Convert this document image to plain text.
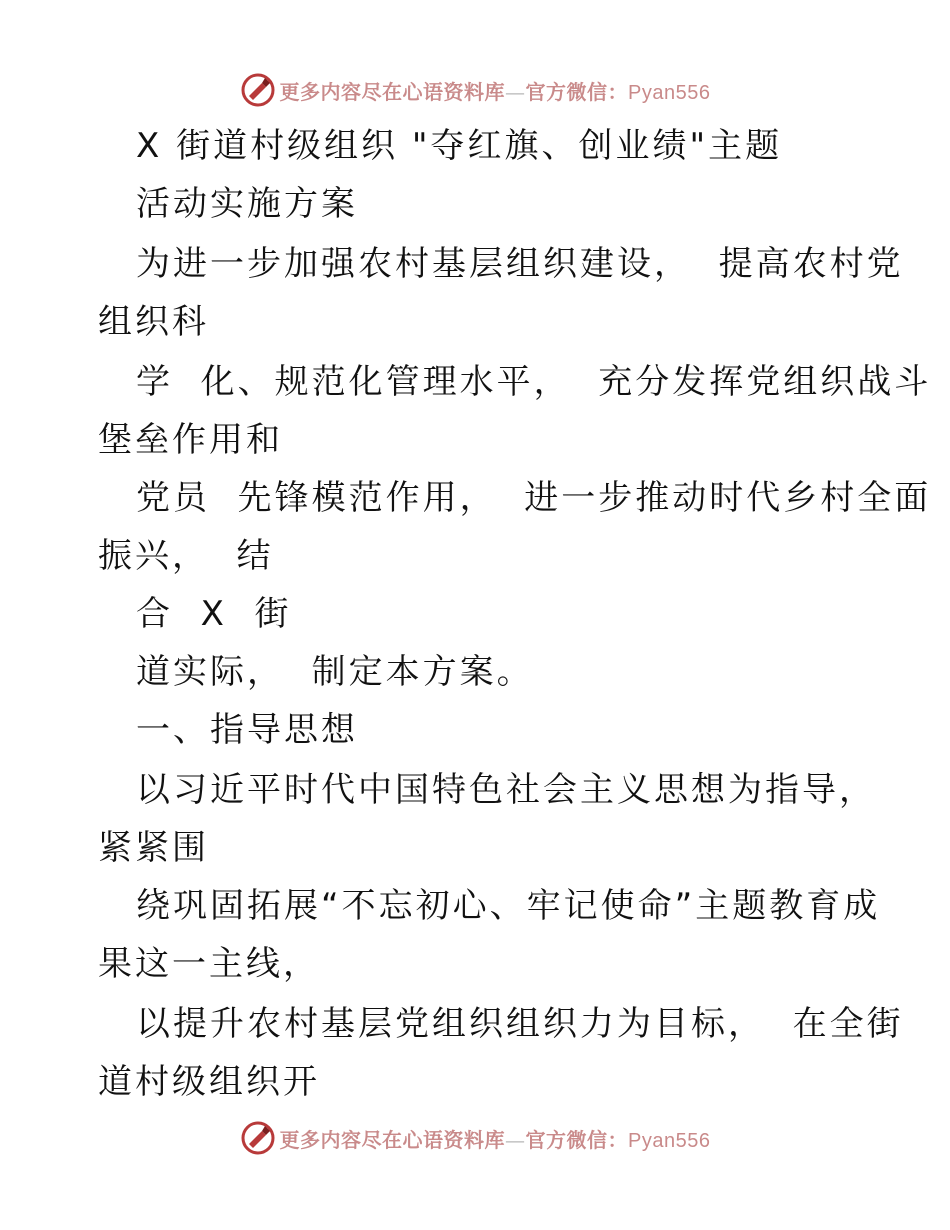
更多内容尽在心语资料库—官方微信：Pyan556
X 街道村级组织 "夺红旗、创业绩"主题
活动实施方案
为进一步加强农村基层组织建设，  提高农村党
组织科
学  化、规范化管理水平，  充分发挥党组织战斗
堡垒作用和
党员  先锋模范作用，  进一步推动时代乡村全面
振兴，  结
合  X  街
道实际，  制定本方案。
一、指导思想
以习近平时代中国特色社会主义思想为指导，
紧紧围
绕巩固拓展“不忘初心、牢记使命”主题教育成
果这一主线，
以提升农村基层党组织组织力为目标，  在全街
道村级组织开
更多内容尽在心语资料库—官方微信：Pyan556
